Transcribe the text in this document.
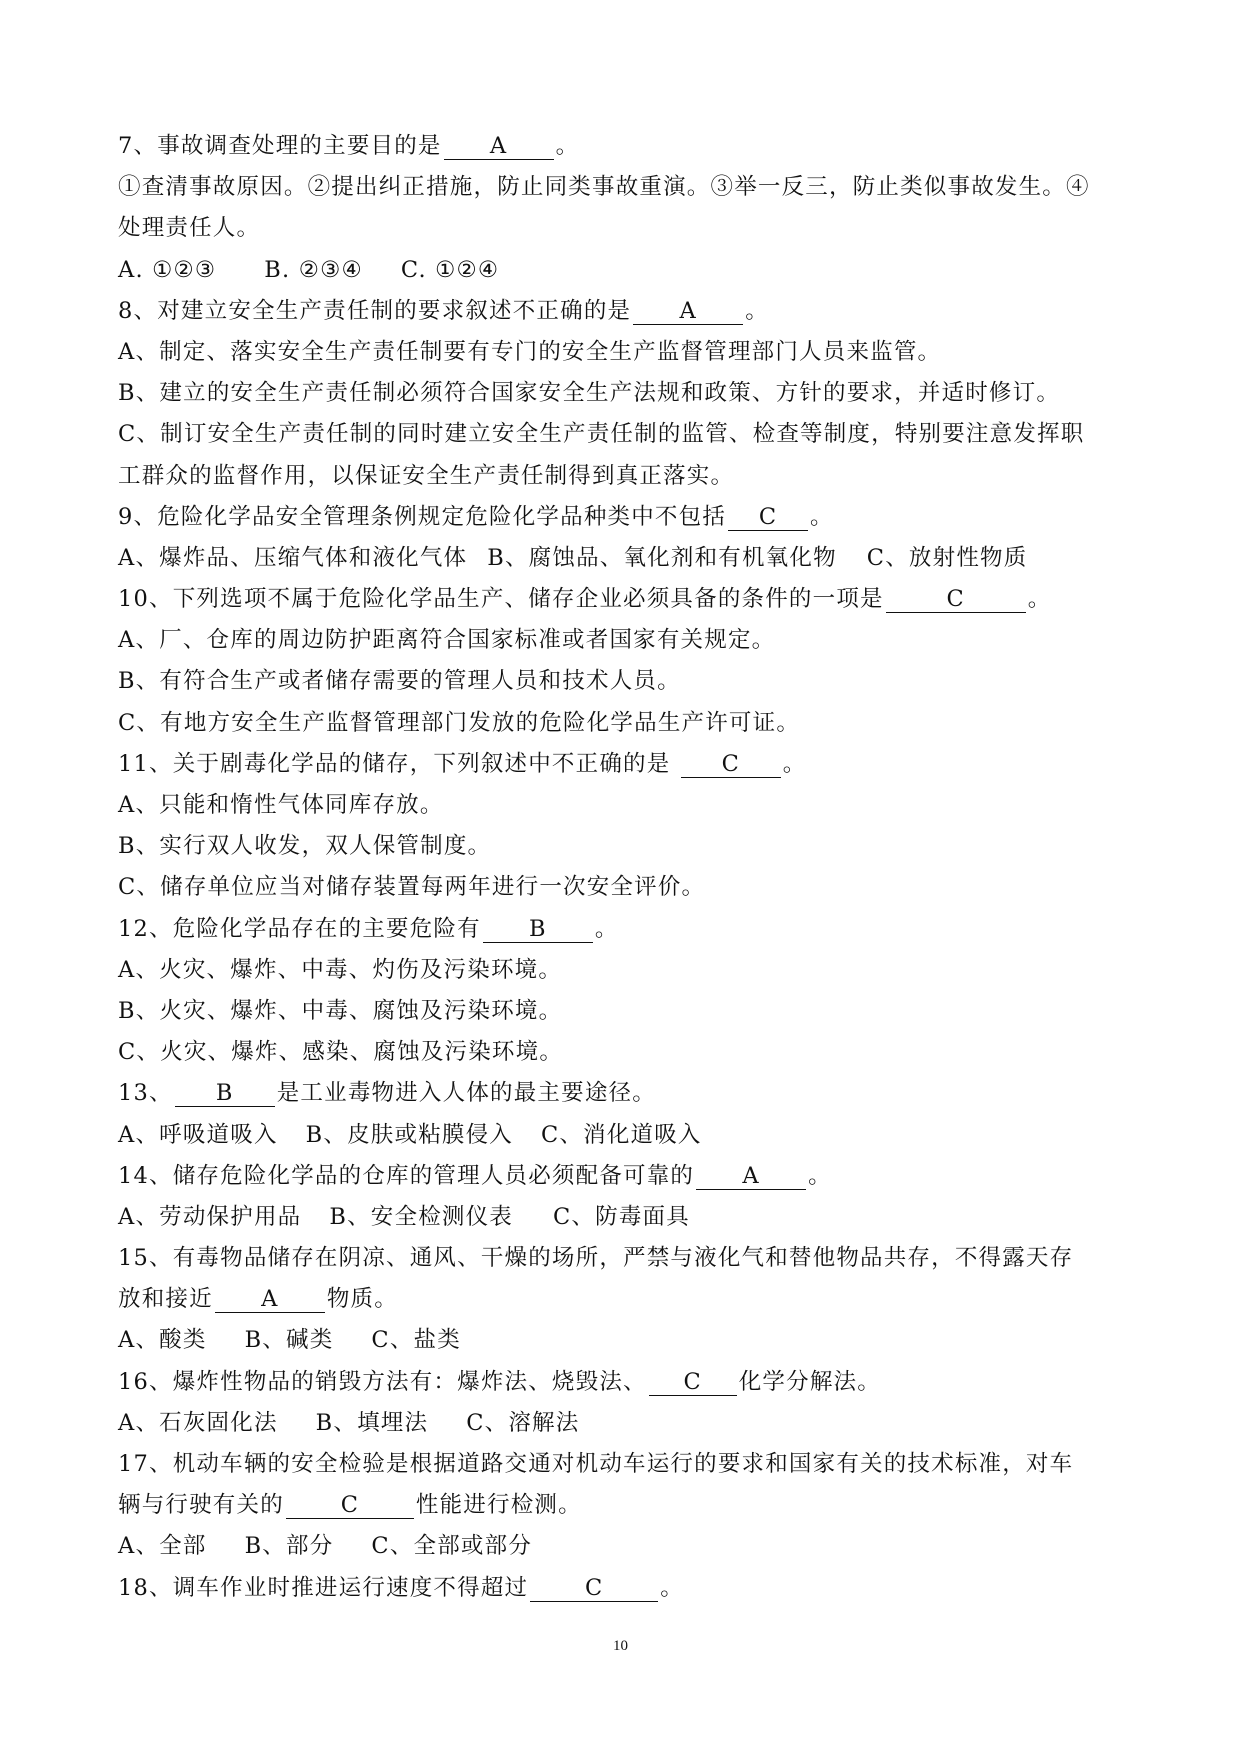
7、事故调查处理的主要目的是 A 。
①查清事故原因。②提出纠正措施，防止同类事故重演。③举一反三，防止类似事故发生。④
处理责任人。
A. ①②③ B. ②③④ C. ①②④
8、对建立安全生产责任制的要求叙述不正确的是 A 。
A、制定、落实安全生产责任制要有专门的安全生产监督管理部门人员来监管。
B、建立的安全生产责任制必须符合国家安全生产法规和政策、方针的要求，并适时修订。
C、制订安全生产责任制的同时建立安全生产责任制的监管、检查等制度，特别要注意发挥职
工群众的监督作用，以保证安全生产责任制得到真正落实。
9、危险化学品安全管理条例规定危险化学品种类中不包括 C 。
A、爆炸品、压缩气体和液化气体 B、腐蚀品、氧化剂和有机氧化物 C、放射性物质
10、下列选项不属于危险化学品生产、储存企业必须具备的条件的一项是	C	。
A、厂、仓库的周边防护距离符合国家标准或者国家有关规定。
B、有符合生产或者储存需要的管理人员和技术人员。
C、有地方安全生产监督管理部门发放的危险化学品生产许可证。
11、关于剧毒化学品的储存，下列叙述中不正确的是 C 。
A、只能和惰性气体同库存放。
B、实行双人收发，双人保管制度。
C、储存单位应当对储存装置每两年进行一次安全评价。
12、危险化学品存在的主要危险有 B 。
A、火灾、爆炸、中毒、灼伤及污染环境。
B、火灾、爆炸、中毒、腐蚀及污染环境。
C、火灾、爆炸、感染、腐蚀及污染环境。
13、 B 是工业毒物进入人体的最主要途径。
A、呼吸道吸入 B、皮肤或粘膜侵入 C、消化道吸入
14、储存危险化学品的仓库的管理人员必须配备可靠的 A 。
A、劳动保护用品 B、安全检测仪表 C、防毒面具
15、有毒物品储存在阴凉、通风、干燥的场所，严禁与液化气和替他物品共存，不得露天存
放和接近 A 物质。
A、酸类 B、碱类 C、盐类
16、爆炸性物品的销毁方法有：爆炸法、烧毁法、 C 化学分解法。
A、石灰固化法 B、填埋法 C、溶解法
17、机动车辆的安全检验是根据道路交通对机动车运行的要求和国家有关的技术标准，对车
辆与行驶有关的	C	性能进行检测。
A、全部 B、部分 C、全部或部分
18、调车作业时推进运行速度不得超过	C	。
10
